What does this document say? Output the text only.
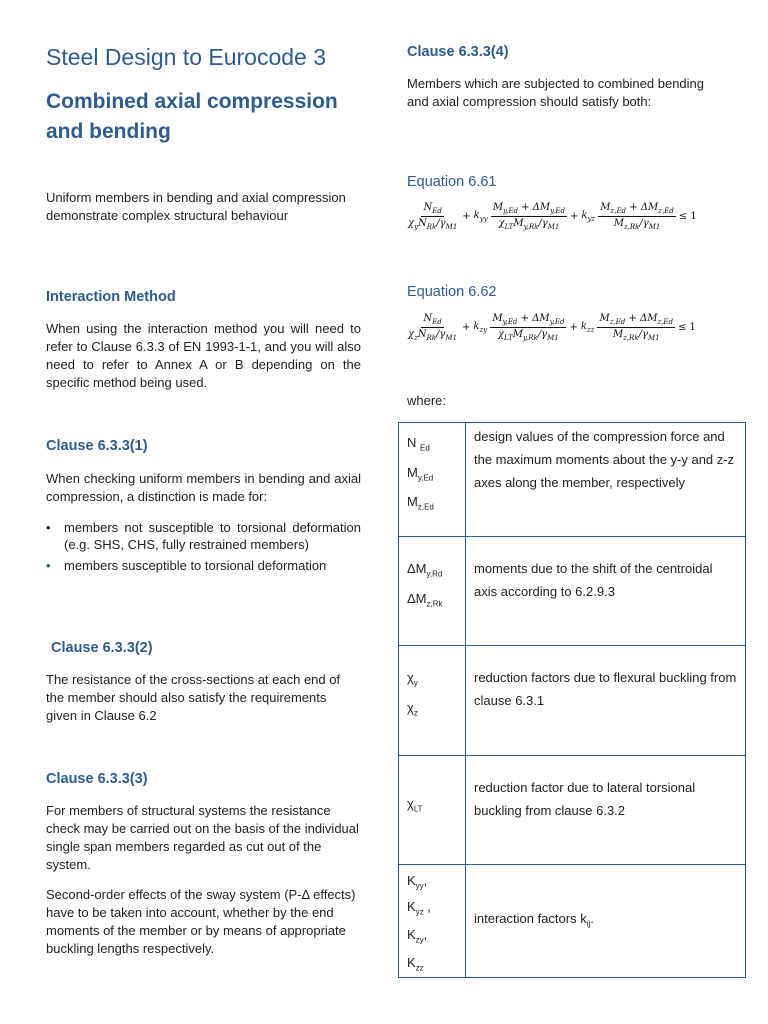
Steel Design to Eurocode 3
Combined axial compression and bending
Uniform members in bending and axial compression demonstrate complex structural behaviour
Interaction Method
When using the interaction method you will need to refer to Clause 6.3.3 of EN 1993-1-1, and you will also need to refer to Annex A or B depending on the specific method being used.
Clause 6.3.3(1)
When checking uniform members in bending and axial compression, a distinction is made for:
• members not susceptible to torsional deformation (e.g. SHS, CHS, fully restrained members)
• members susceptible to torsional deformation
Clause 6.3.3(2)
The resistance of the cross-sections at each end of the member should also satisfy the requirements given in Clause 6.2
Clause 6.3.3(3)
For members of structural systems the resistance check may be carried out on the basis of the individual single span members regarded as cut out of the system.
Second-order effects of the sway system (P-Δ effects) have to be taken into account, whether by the end moments of the member or by means of appropriate buckling lengths respectively.
Clause 6.3.3(4)
Members which are subjected to combined bending and axial compression should satisfy both:
Equation 6.61
$\frac{N_{Ed}}{\chi_yN_{Rk}/\gamma_{M1}} + k_{yy} \frac{M_{y,Ed} + \Delta M_{y,Ed}}{\chi_{LT}M_{y,Rk}/\gamma_{M1}} + k_{yz} \frac{M_{z,Ed} + \Delta M_{z,Ed}}{M_{z,Rk}/\gamma_{M1}} \le 1$
Equation 6.62
$\frac{N_{Ed}}{\chi_zN_{Rk}/\gamma_{M1}} + k_{zy} \frac{M_{y,Ed} + \Delta M_{y,Ed}}{\chi_{LT}M_{y,Rk}/\gamma_{M1}} + k_{zz} \frac{M_{z,Ed} + \Delta M_{z,Ed}}{M_{z,Rk}/\gamma_{M1}} \le 1$
where:
N $_{Ed}$
$M_{y,Ed}$
$M_{z,Ed}$	design values of the compression force and the maximum moments about the y-y and z-z axes along the member, respectively

$\Delta M_{y,Rd}$
$\Delta M_{z,Rk}$	moments due to the shift of the centroidal axis according to 6.2.9.3

$\chi_y$
$\chi_z$	reduction factors due to flexural buckling from clause 6.3.1

$\chi_{LT}$	reduction factor due to lateral torsional buckling from clause 6.3.2

$K_{yy}$,
$K_{yz}$ ,
$K_{zy}$,
$K_{zz}$	interaction factors $k_{ij}$.
